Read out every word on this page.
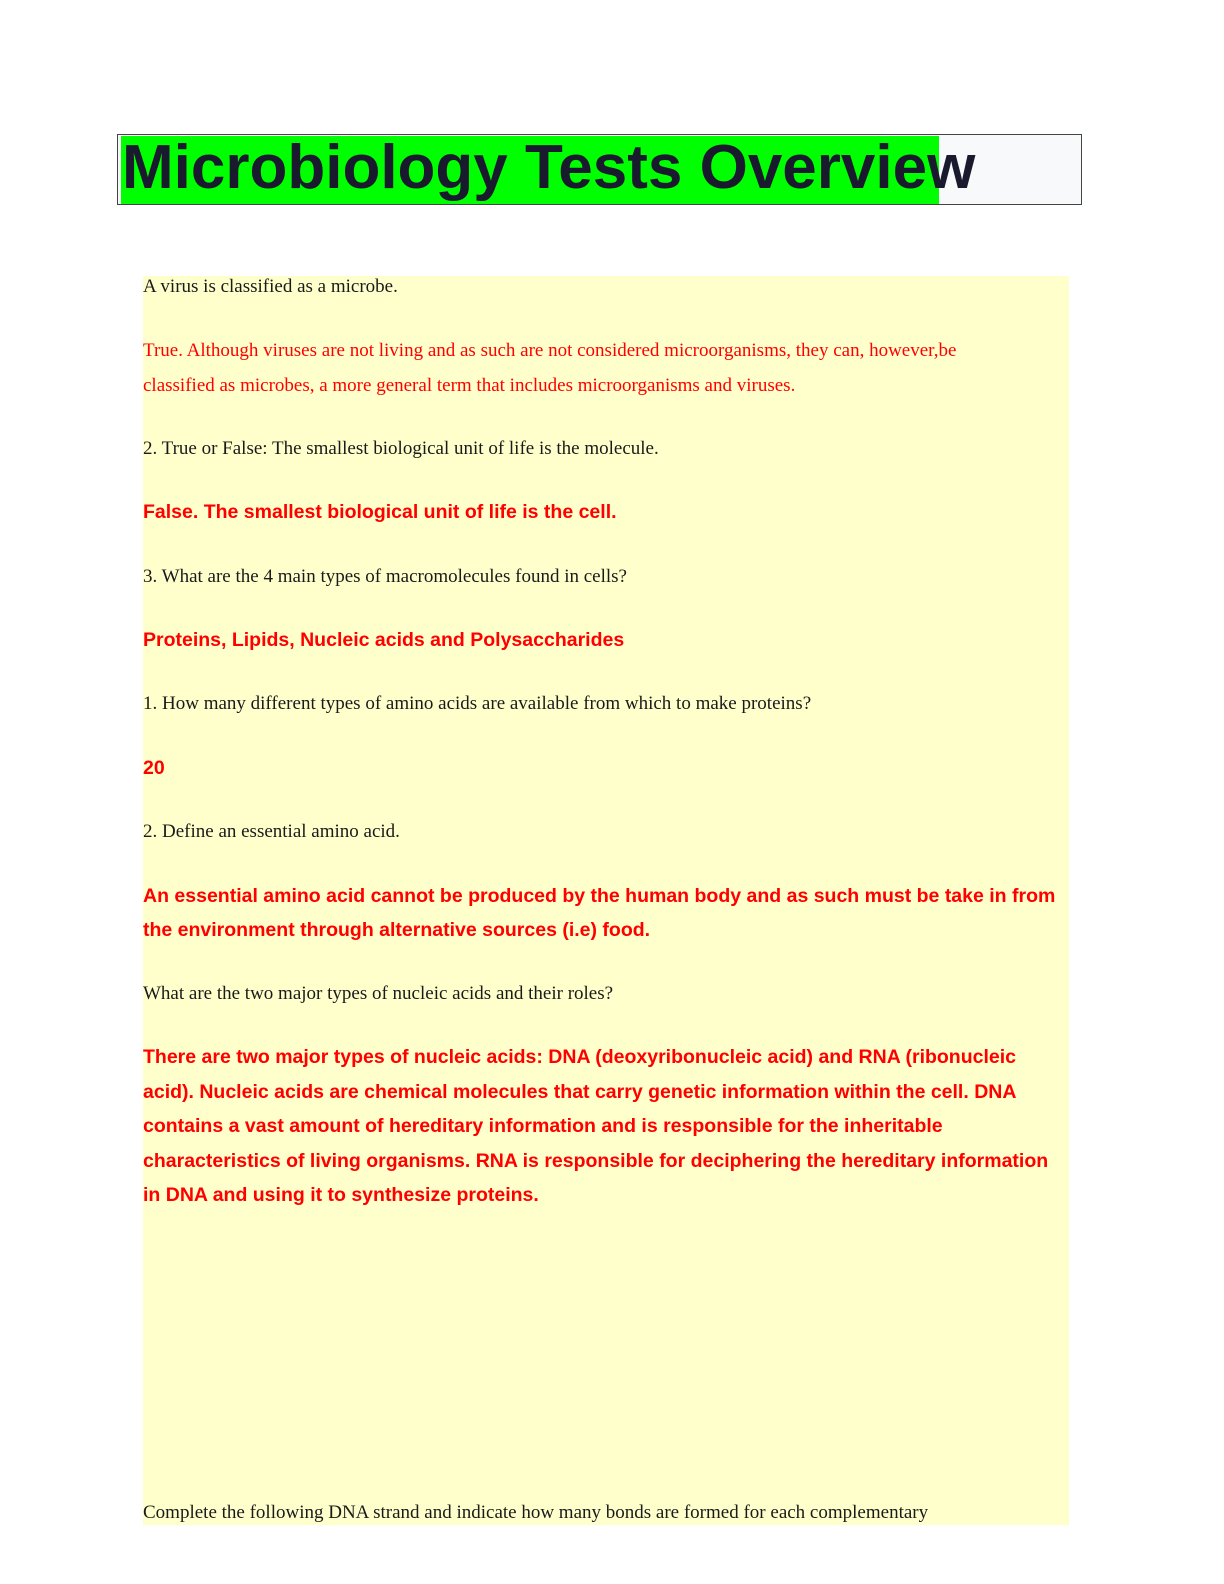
Microbiology Tests Overview
A virus is classified as a microbe.
True. Although viruses are not living and as such are not considered microorganisms, they can, however,be
classified as microbes, a more general term that includes microorganisms and viruses.
2. True or False: The smallest biological unit of life is the molecule.
False. The smallest biological unit of life is the cell.
3. What are the 4 main types of macromolecules found in cells?
Proteins, Lipids, Nucleic acids and Polysaccharides
1. How many different types of amino acids are available from which to make proteins?
20
2. Define an essential amino acid.
An essential amino acid cannot be produced by the human body and as such must be take in from
the environment through alternative sources (i.e) food.
What are the two major types of nucleic acids and their roles?
There are two major types of nucleic acids: DNA (deoxyribonucleic acid) and RNA (ribonucleic
acid). Nucleic acids are chemical molecules that carry genetic information within the cell. DNA
contains a vast amount of hereditary information and is responsible for the inheritable
characteristics of living organisms. RNA is responsible for deciphering the hereditary information
in DNA and using it to synthesize proteins.
Complete the following DNA strand and indicate how many bonds are formed for each complementary
